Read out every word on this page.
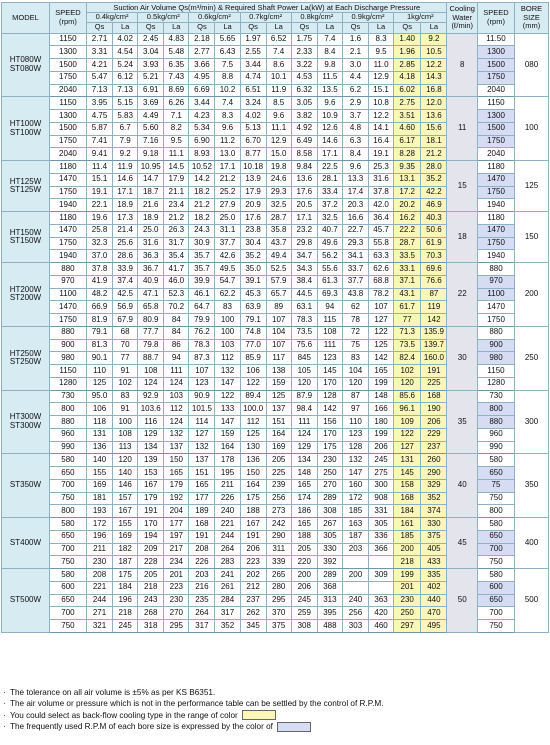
MODEL	SPEED
(rpm)	Suction Air Volume Qs(m³/min) & Required Shaft Power La(kW) at Each Discharge Pressure														Cooling Water
(ℓ/min)	SPEED
(rpm)	BORE SIZE
(mm)

		0.4kg/cm²		0.5kg/cm²		0.6kg/cm²		0.7kg/cm²		0.8kg/cm²		0.9kg/cm²		1kg/cm²				
		Qs	La	Qs	La	Qs	La	Qs	La	Qs	La	Qs	La	Qs	La			

HT080W
ST080W	1150	2.71	4.02	2.45	4.83	2.18	5.65	1.97	6.52	1.75	7.4	1.6	8.3	1.40	9.2	8	11.50	080
	1300	3.31	4.54	3.04	5.48	2.77	6.43	2.55	7.4	2.33	8.4	2.1	9.5	1.96	10.5		1300	
	1500	4.21	5.24	3.93	6.35	3.66	7.5	3.44	8.6	3.22	9.8	3.0	11.0	2.85	12.2		1500	
	1750	5.47	6.12	5.21	7.43	4.95	8.8	4.74	10.1	4.53	11.5	4.4	12.9	4.18	14.3		1750	
	2040	7.13	7.13	6.91	8.69	6.69	10.2	6.51	11.9	6.32	13.5	6.2	15.1	6.02	16.8		2040	

HT100W
ST100W	1150	3.95	5.15	3.69	6.26	3.44	7.4	3.24	8.5	3.05	9.6	2.9	10.8	2.75	12.0	11	1150	100
	1300	4.75	5.83	4.49	7.1	4.23	8.3	4.02	9.6	3.82	10.9	3.7	12.2	3.51	13.6		1300	
	1500	5.87	6.7	5.60	8.2	5.34	9.6	5.13	11.1	4.92	12.6	4.8	14.1	4.60	15.6		1500	
	1750	7.41	7.9	7.16	9.5	6.90	11.2	6.70	12.9	6.49	14.6	6.3	16.4	6.17	18.1		1750	
	2040	9.41	9.2	9.18	11.1	8.93	13.0	8.77	15.0	8.58	17.1	8.4	19.1	8.28	21.2		2040	

HT125W
ST125W	1180	11.4	11.9	10.95	14.5	10.52	17.1	10.18	19.8	9.84	22.5	9.6	25.3	9.35	28.0	15	1180	125
	1470	15.1	14.6	14.7	17.9	14.2	21.2	13.9	24.6	13.6	28.1	13.3	31.6	13.1	35.2		1470	
	1750	19.1	17.1	18.7	21.1	18.2	25.2	17.9	29.3	17.6	33.4	17.4	37.8	17.2	42.2		1750	
	1940	22.1	18.9	21.6	23.4	21.2	27.9	20.9	32.5	20.5	37.2	20.3	42.0	20.2	46.9		1940	

HT150W
ST150W	1180	19.6	17.3	18.9	21.2	18.2	25.0	17.6	28.7	17.1	32.5	16.6	36.4	16.2	40.3	18	1180	150
	1470	25.8	21.4	25.0	26.3	24.3	31.1	23.8	35.8	23.2	40.7	22.7	45.7	22.2	50.6		1470	
	1750	32.3	25.6	31.6	31.7	30.9	37.7	30.4	43.7	29.8	49.6	29.3	55.8	28.7	61.9		1750	
	1940	37.0	28.6	36.3	35.4	35.7	42.6	35.2	49.4	34.7	56.2	34.1	63.3	33.5	70.3		1940	

HT200W
ST200W	880	37.8	33.9	36.7	41.7	35.7	49.5	35.0	52.5	34.3	55.6	33.7	62.6	33.1	69.6	22	880	200
	970	41.9	37.4	40.9	46.0	39.9	54.7	39.1	57.9	38.4	61.3	37.7	68.8	37.1	76.6		970	
	1100	48.2	42.5	47.1	52.3	46.1	62.2	45.3	65.7	44.5	69.3	43.8	78.2	43.1	87		1100	
	1470	66.9	56.9	65.8	70.2	64.7	83	63.9	89	63.1	94	62	107	61.7	119		1470	
	1750	81.9	67.9	80.9	84	79.9	100	79.1	107	78.3	115	78	127	77	142		1750	

HT250W
ST250W	880	79.1	68	77.7	84	76.2	100	74.8	104	73.5	108	72	122	71.3	135.9	30	880	250
	900	81.3	70	79.8	86	78.3	103	77.0	107	75.6	111	75	125	73.5	139.7		900	
	980	90.1	77	88.7	94	87.3	112	85.9	117	845	123	83	142	82.4	160.0		980	
	1150	110	91	108	111	107	132	106	138	105	145	104	165	102	191		1150	
	1280	125	102	124	124	123	147	122	159	120	170	120	199	120	225		1280	

HT300W
ST300W	730	95.0	83	92.9	103	90.9	122	89.4	125	87.9	128	87	148	85.6	168	35	730	300
	800	106	91	103.6	112	101.5	133	100.0	137	98.4	142	97	166	96.1	190		800	
	880	118	100	116	124	114	147	112	151	111	156	110	180	109	206		880	
	960	131	108	129	132	127	159	125	164	124	170	123	199	122	229		960	
	990	136	113	134	137	132	164	130	169	129	175	128	206	127	237		990	

ST350W	580	140	120	139	150	137	178	136	205	134	230	132	245	131	260	40	580	350
	650	155	140	153	165	151	195	150	225	148	250	147	275	145	290		650	
	700	169	146	167	179	165	211	164	239	165	270	160	300	158	329		75	
	750	181	157	179	192	177	226	175	256	174	289	172	908	168	352		750	
	800	193	167	191	204	189	240	188	273	186	308	185	331	184	374		800	

ST400W	580	172	155	170	177	168	221	167	242	165	267	163	305	161	330	45	580	400
	650	196	169	194	197	191	244	191	290	188	305	187	336	185	375		650	
	700	211	182	209	217	208	264	206	311	205	330	203	366	200	405		700	
	750	230	187	228	234	226	283	223	339	220	392			218	433		750	

ST500W	580	208	175	205	201	203	241	202	265	200	289	200	309	199	335	50	580	500
	600	221	184	218	223	216	261	212	280	206	368			201	402		600	
	650	244	196	243	230	235	284	237	295	245	313	240	363	230	440		650	
	700	271	218	268	270	264	317	262	370	259	395	256	420	250	470		700	
	750	321	245	318	295	317	352	345	375	308	488	303	460	297	495		750	
· The tolerance on all air volume is ±5% as per KS B6351.
· The air volume or pressure which is not in the performance table can be settled by the control of R.P.M.
· You could select as back-flow cooling type in the range of color
· The frequently used R.P.M of each bore size is expressed by the color of
